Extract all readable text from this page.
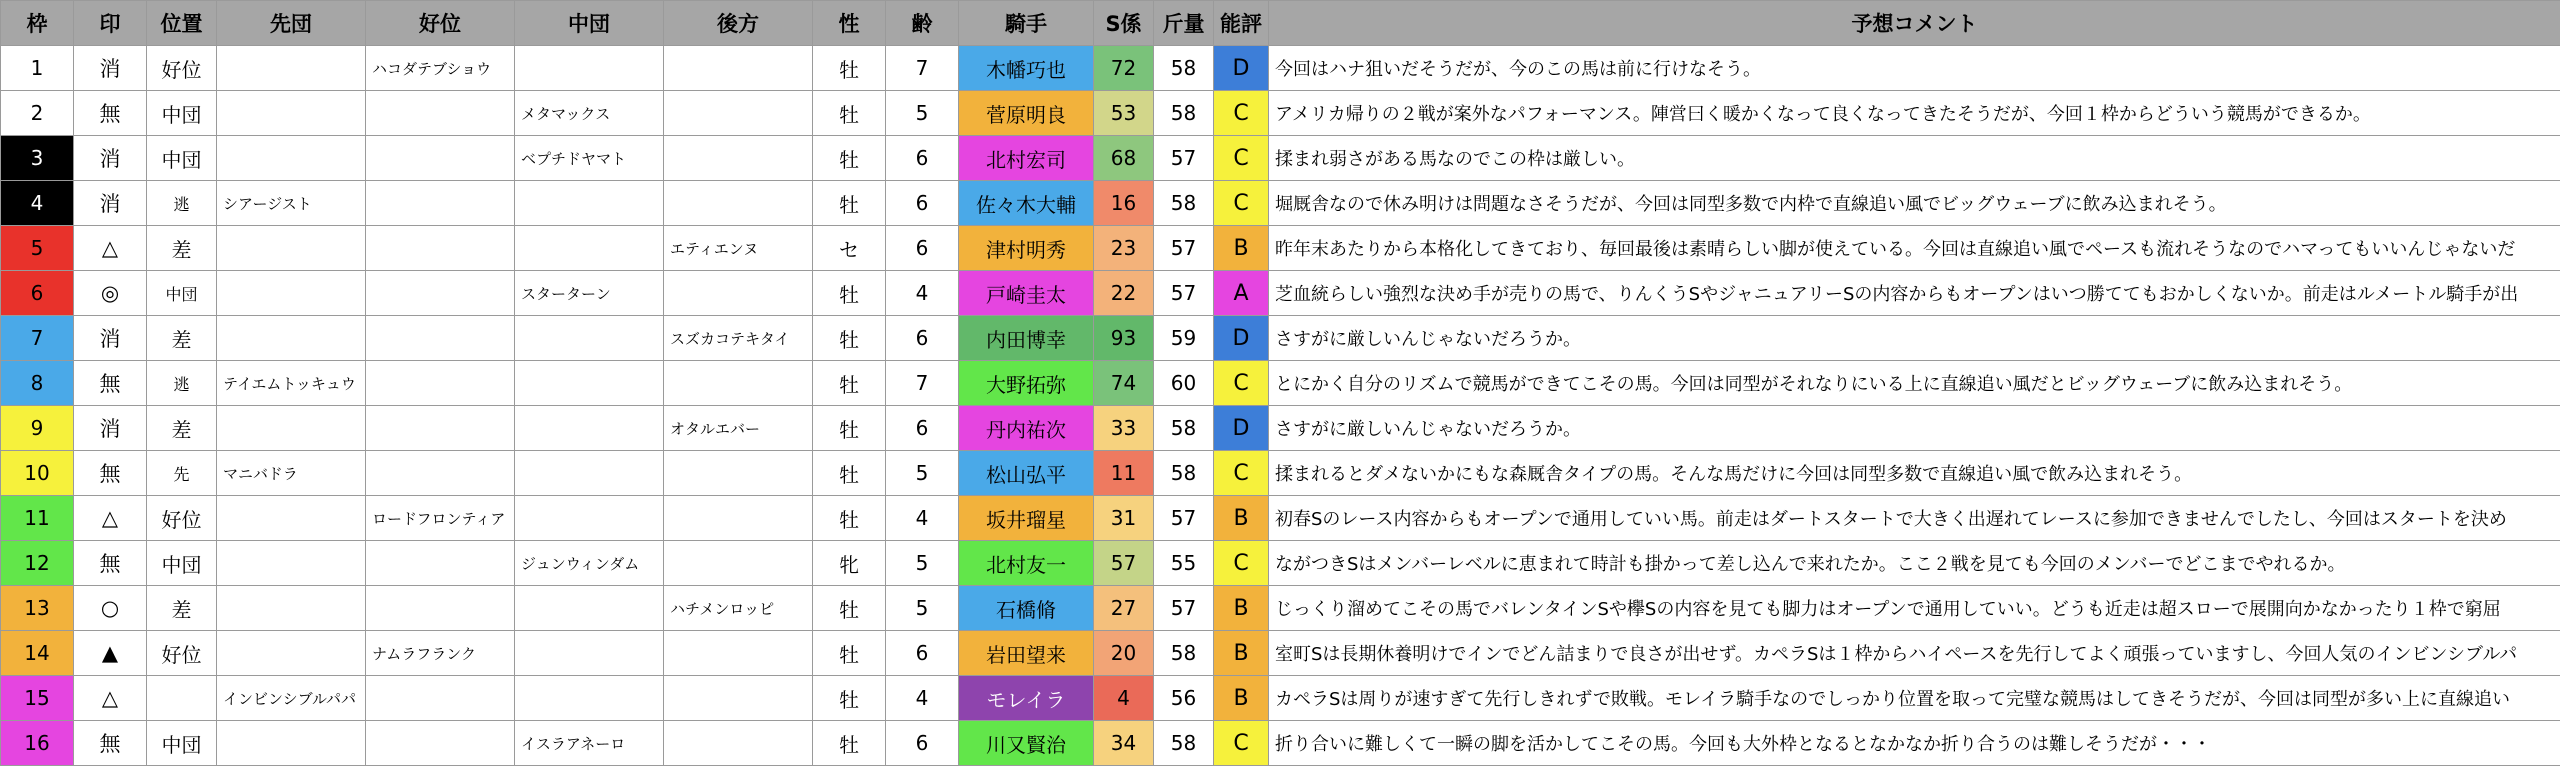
枠	印	位置	先団	好位	中団	後方	性	齢	騎手	S係	斤量	能評	予想コメント
1	消	好位		ハコダテブショウ			牡	7	木幡巧也	72	58	D	今回はハナ狙いだそうだが、今のこの馬は前に行けなそう。
2	無	中団			メタマックス		牡	5	菅原明良	53	58	C	アメリカ帰りの２戦が案外なパフォーマンス。陣営曰く暖かくなって良くなってきたそうだが、今回１枠からどういう競馬ができるか。
3	消	中団			ベプチドヤマト		牡	6	北村宏司	68	57	C	揉まれ弱さがある馬なのでこの枠は厳しい。
4	消	逃	シアージスト				牡	6	佐々木大輔	16	58	C	堀厩舎なので休み明けは問題なさそうだが、今回は同型多数で内枠で直線追い風でビッグウェーブに飲み込まれそう。
5	△	差				エティエンヌ	セ	6	津村明秀	23	57	B	昨年末あたりから本格化してきており、毎回最後は素晴らしい脚が使えている。今回は直線追い風でペースも流れそうなのでハマってもいいんじゃないだ
6	◎	中団			スターターン		牡	4	戸崎圭太	22	57	A	芝血統らしい強烈な決め手が売りの馬で、りんくうSやジャニュアリーSの内容からもオープンはいつ勝ててもおかしくないか。前走はルメートル騎手が出
7	消	差				スズカコテキタイ	牡	6	内田博幸	93	59	D	さすがに厳しいんじゃないだろうか。
8	無	逃	テイエムトッキュウ				牡	7	大野拓弥	74	60	C	とにかく自分のリズムで競馬ができてこその馬。今回は同型がそれなりにいる上に直線追い風だとビッグウェーブに飲み込まれそう。
9	消	差				オタルエバー	牡	6	丹内祐次	33	58	D	さすがに厳しいんじゃないだろうか。
10	無	先	マニバドラ				牡	5	松山弘平	11	58	C	揉まれるとダメないかにもな森厩舎タイプの馬。そんな馬だけに今回は同型多数で直線追い風で飲み込まれそう。
11	△	好位		ロードフロンティア			牡	4	坂井瑠星	31	57	B	初春Sのレース内容からもオープンで通用していい馬。前走はダートスタートで大きく出遅れてレースに参加できませんでしたし、今回はスタートを決め
12	無	中団			ジュンウィンダム		牝	5	北村友一	57	55	C	ながつきSはメンバーレベルに恵まれて時計も掛かって差し込んで来れたか。ここ２戦を見ても今回のメンバーでどこまでやれるか。
13	○	差				ハチメンロッピ	牡	5	石橋脩	27	57	B	じっくり溜めてこその馬でバレンタインSや欅Sの内容を見ても脚力はオープンで通用していい。どうも近走は超スローで展開向かなかったり１枠で窮屈
14	▲	好位		ナムラフランク			牡	6	岩田望来	20	58	B	室町Sは長期休養明けでインでどん詰まりで良さが出せず。カペラSは１枠からハイペースを先行してよく頑張っていますし、今回人気のインビンシブルパ
15	△		インビンシブルパパ				牡	4	モレイラ	4	56	B	カペラSは周りが速すぎて先行しきれずで敗戦。モレイラ騎手なのでしっかり位置を取って完璧な競馬はしてきそうだが、今回は同型が多い上に直線追い
16	無	中団			イスラアネーロ		牡	6	川又賢治	34	58	C	折り合いに難しくて一瞬の脚を活かしてこその馬。今回も大外枠となるとなかなか折り合うのは難しそうだが・・・
